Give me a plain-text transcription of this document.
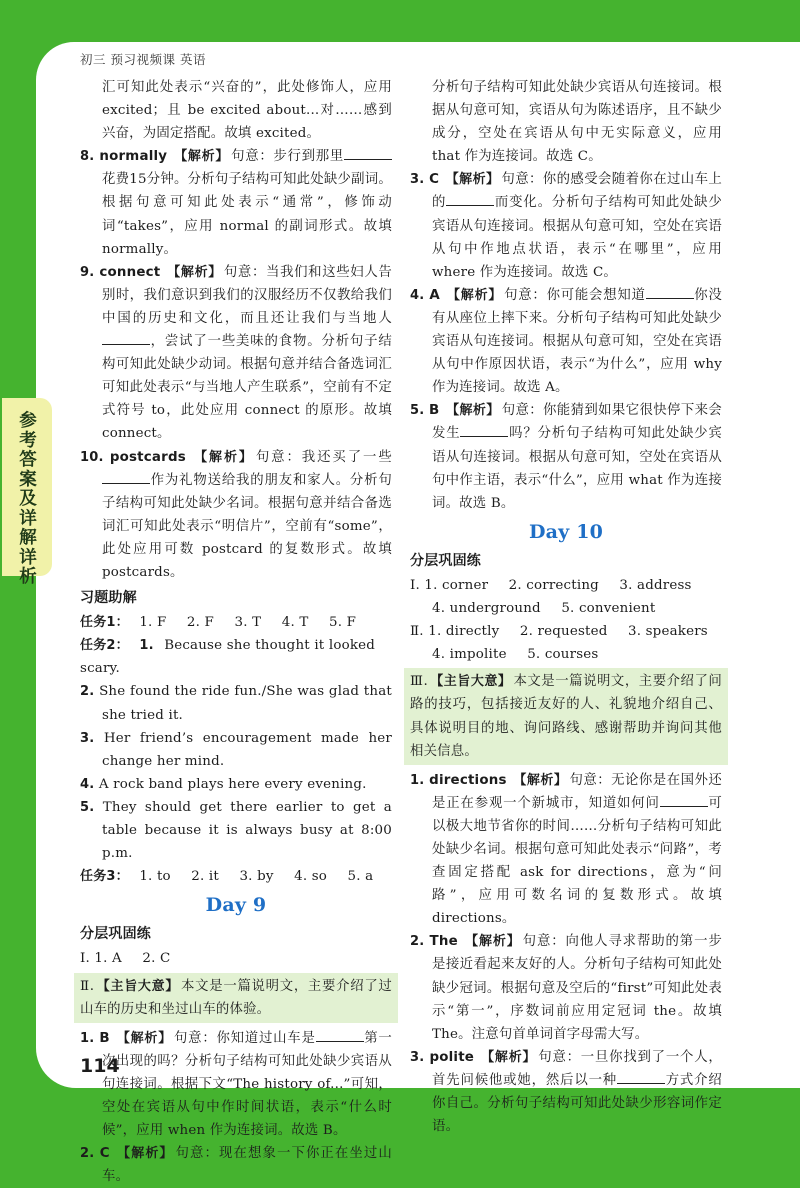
初三 预习视频课 英语
参考答案及详解详析

汇可知此处表示“兴奋的”，此处修饰人，应用 excited；且 be excited about...对……感到兴奋，为固定搭配。故填 excited。

8. normally 【解析】 句意：步行到那里花费15分钟。分析句子结构可知此处缺少副词。根据句意可知此处表示“通常”，修饰动词“takes”，应用 normal 的副词形式。故填 normally。

9. connect 【解析】 句意：当我们和这些妇人告别时，我们意识到我们的汉服经历不仅教给我们中国的历史和文化，而且还让我们与当地人，尝试了一些美味的食物。分析句子结构可知此处缺少动词。根据句意并结合备选词汇可知此处表示“与当地人产生联系”，空前有不定式符号 to，此处应用 connect 的原形。故填 connect。

10. postcards 【解析】 句意：我还买了一些作为礼物送给我的朋友和家人。分析句子结构可知此处缺少名词。根据句意并结合备选词汇可知此处表示“明信片”，空前有“some”，此处应用可数 postcard 的复数形式。故填 postcards。

习题助解

任务1： 1. F 2. F 3. T 4. T 5. F

任务2： 1. Because she thought it looked scary.

2. She found the ride fun./She was glad that she tried it.

3. Her friend’s encouragement made her change her mind.

4. A rock band plays here every evening.

5. They should get there earlier to get a table because it is always busy at 8:00 p.m.

任务3： 1. to 2. it 3. by 4. so 5. a

Day 9
分层巩固练

Ⅰ. 1. A 2. C

Ⅱ. 【主旨大意】 本文是一篇说明文，主要介绍了过山车的历史和坐过山车的体验。

1. B 【解析】 句意：你知道过山车是	第一次出现的吗？分析句子结构可知此处缺少宾语从句连接词。根据下文“The history of...”可知，空处在宾语从句中作时间状语，表示“什么时候”，应用 when 作为连接词。故选 B。

2. C 【解析】 句意：现在想象一下你正在坐过山车。

分析句子结构可知此处缺少宾语从句连接词。根据从句意可知，宾语从句为陈述语序，且不缺少成分，空处在宾语从句中无实际意义，应用 that 作为连接词。故选 C。

3. C 【解析】 句意：你的感受会随着你在过山车上的	而变化。分析句子结构可知此处缺少宾语从句连接词。根据从句意可知，空处在宾语从句中作地点状语，表示“在哪里”，应用 where 作为连接词。故选 C。

4. A 【解析】 句意：你可能会想知道	你没有从座位上摔下来。分析句子结构可知此处缺少宾语从句连接词。根据从句意可知，空处在宾语从句中作原因状语，表示“为什么”，应用 why 作为连接词。故选 A。

5. B 【解析】 句意：你能猜到如果它很快停下来会发生	吗？分析句子结构可知此处缺少宾语从句连接词。根据从句意可知，空处在宾语从句中作主语，表示“什么”，应用 what 作为连接词。故选 B。

Day 10
分层巩固练

Ⅰ. 1. corner 2. correcting 3. address

4. underground 5. convenient

Ⅱ. 1. directly 2. requested 3. speakers

4. impolite 5. courses

Ⅲ. 【主旨大意】 本文是一篇说明文，主要介绍了问路的技巧，包括接近友好的人、礼貌地介绍自己、具体说明目的地、询问路线、感谢帮助并询问其他相关信息。

1. directions 【解析】 句意：无论你是在国外还是正在参观一个新城市，知道如何问	可以极大地节省你的时间……分析句子结构可知此处缺少名词。根据句意可知此处表示“问路”，考查固定搭配 ask for directions，意为“问路”，应用可数名词的复数形式。故填 directions。

2. The 【解析】 句意：向他人寻求帮助的第一步是接近看起来友好的人。分析句子结构可知此处缺少冠词。根据句意及空后的“first”可知此处表示“第一”，序数词前应用定冠词 the。故填 The。注意句首单词首字母需大写。

3. polite 【解析】 句意：一旦你找到了一个人，首先问候他或她，然后以一种	方式介绍你自己。分析句子结构可知此处缺少形容词作定语。

114
